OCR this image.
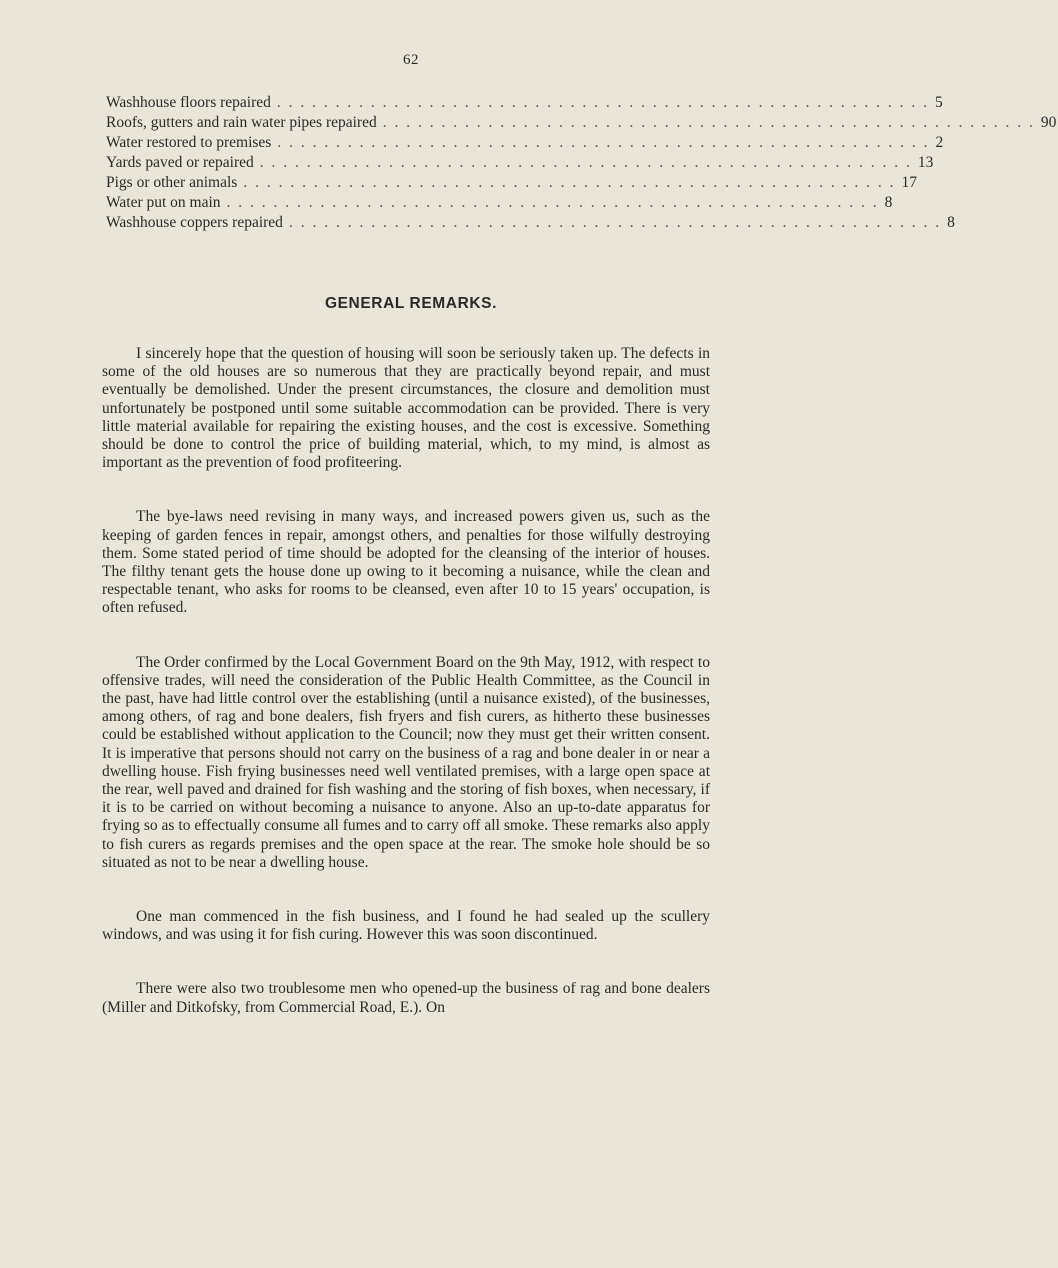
62
Washhouse floors repaired . . . . . . . . . . . . . . . . . . . . . . . . . . . . . . . . . . . . . . . . . . . . . . . . . . . . . . . . 5
Roofs, gutters and rain water pipes repaired . . . . . . . . . . . . . . . . . . . . . . . . . . . . . . . . . . . . . . . . . . . . . . . . . . . . . . . . 90
Water restored to premises . . . . . . . . . . . . . . . . . . . . . . . . . . . . . . . . . . . . . . . . . . . . . . . . . . . . . . . . 2
Yards paved or repaired . . . . . . . . . . . . . . . . . . . . . . . . . . . . . . . . . . . . . . . . . . . . . . . . . . . . . . . . 13
Pigs or other animals . . . . . . . . . . . . . . . . . . . . . . . . . . . . . . . . . . . . . . . . . . . . . . . . . . . . . . . . 17
Water put on main . . . . . . . . . . . . . . . . . . . . . . . . . . . . . . . . . . . . . . . . . . . . . . . . . . . . . . . . 8
Washhouse coppers repaired . . . . . . . . . . . . . . . . . . . . . . . . . . . . . . . . . . . . . . . . . . . . . . . . . . . . . . . . 8
GENERAL REMARKS.

I sincerely hope that the question of housing will soon be seriously taken up. The defects in some of the old houses are so numerous that they are practically beyond repair, and must eventually be demolished. Under the present circumstances, the closure and demolition must unfortunately be postponed until some suitable accommodation can be provided. There is very little material available for repairing the existing houses, and the cost is excessive. Something should be done to control the price of building material, which, to my mind, is almost as important as the prevention of food profiteering.

The bye-laws need revising in many ways, and increased powers given us, such as the keeping of garden fences in repair, amongst others, and penalties for those wilfully destroying them. Some stated period of time should be adopted for the cleansing of the interior of houses. The filthy tenant gets the house done up owing to it becoming a nuisance, while the clean and respectable tenant, who asks for rooms to be cleansed, even after 10 to 15 years' occupation, is often refused.

The Order confirmed by the Local Government Board on the 9th May, 1912, with respect to offensive trades, will need the consideration of the Public Health Committee, as the Council in the past, have had little control over the establishing (until a nuisance existed), of the businesses, among others, of rag and bone dealers, fish fryers and fish curers, as hitherto these businesses could be established without application to the Council; now they must get their written consent. It is imperative that persons should not carry on the business of a rag and bone dealer in or near a dwelling house. Fish frying businesses need well ventilated premises, with a large open space at the rear, well paved and drained for fish washing and the storing of fish boxes, when necessary, if it is to be carried on without becoming a nuisance to anyone. Also an up-to-date apparatus for frying so as to effectually consume all fumes and to carry off all smoke. These remarks also apply to fish curers as regards premises and the open space at the rear. The smoke hole should be so situated as not to be near a dwelling house.

One man commenced in the fish business, and I found he had sealed up the scullery windows, and was using it for fish curing. However this was soon discontinued.

There were also two troublesome men who opened-up the business of rag and bone dealers (Miller and Ditkofsky, from Commercial Road, E.). On
